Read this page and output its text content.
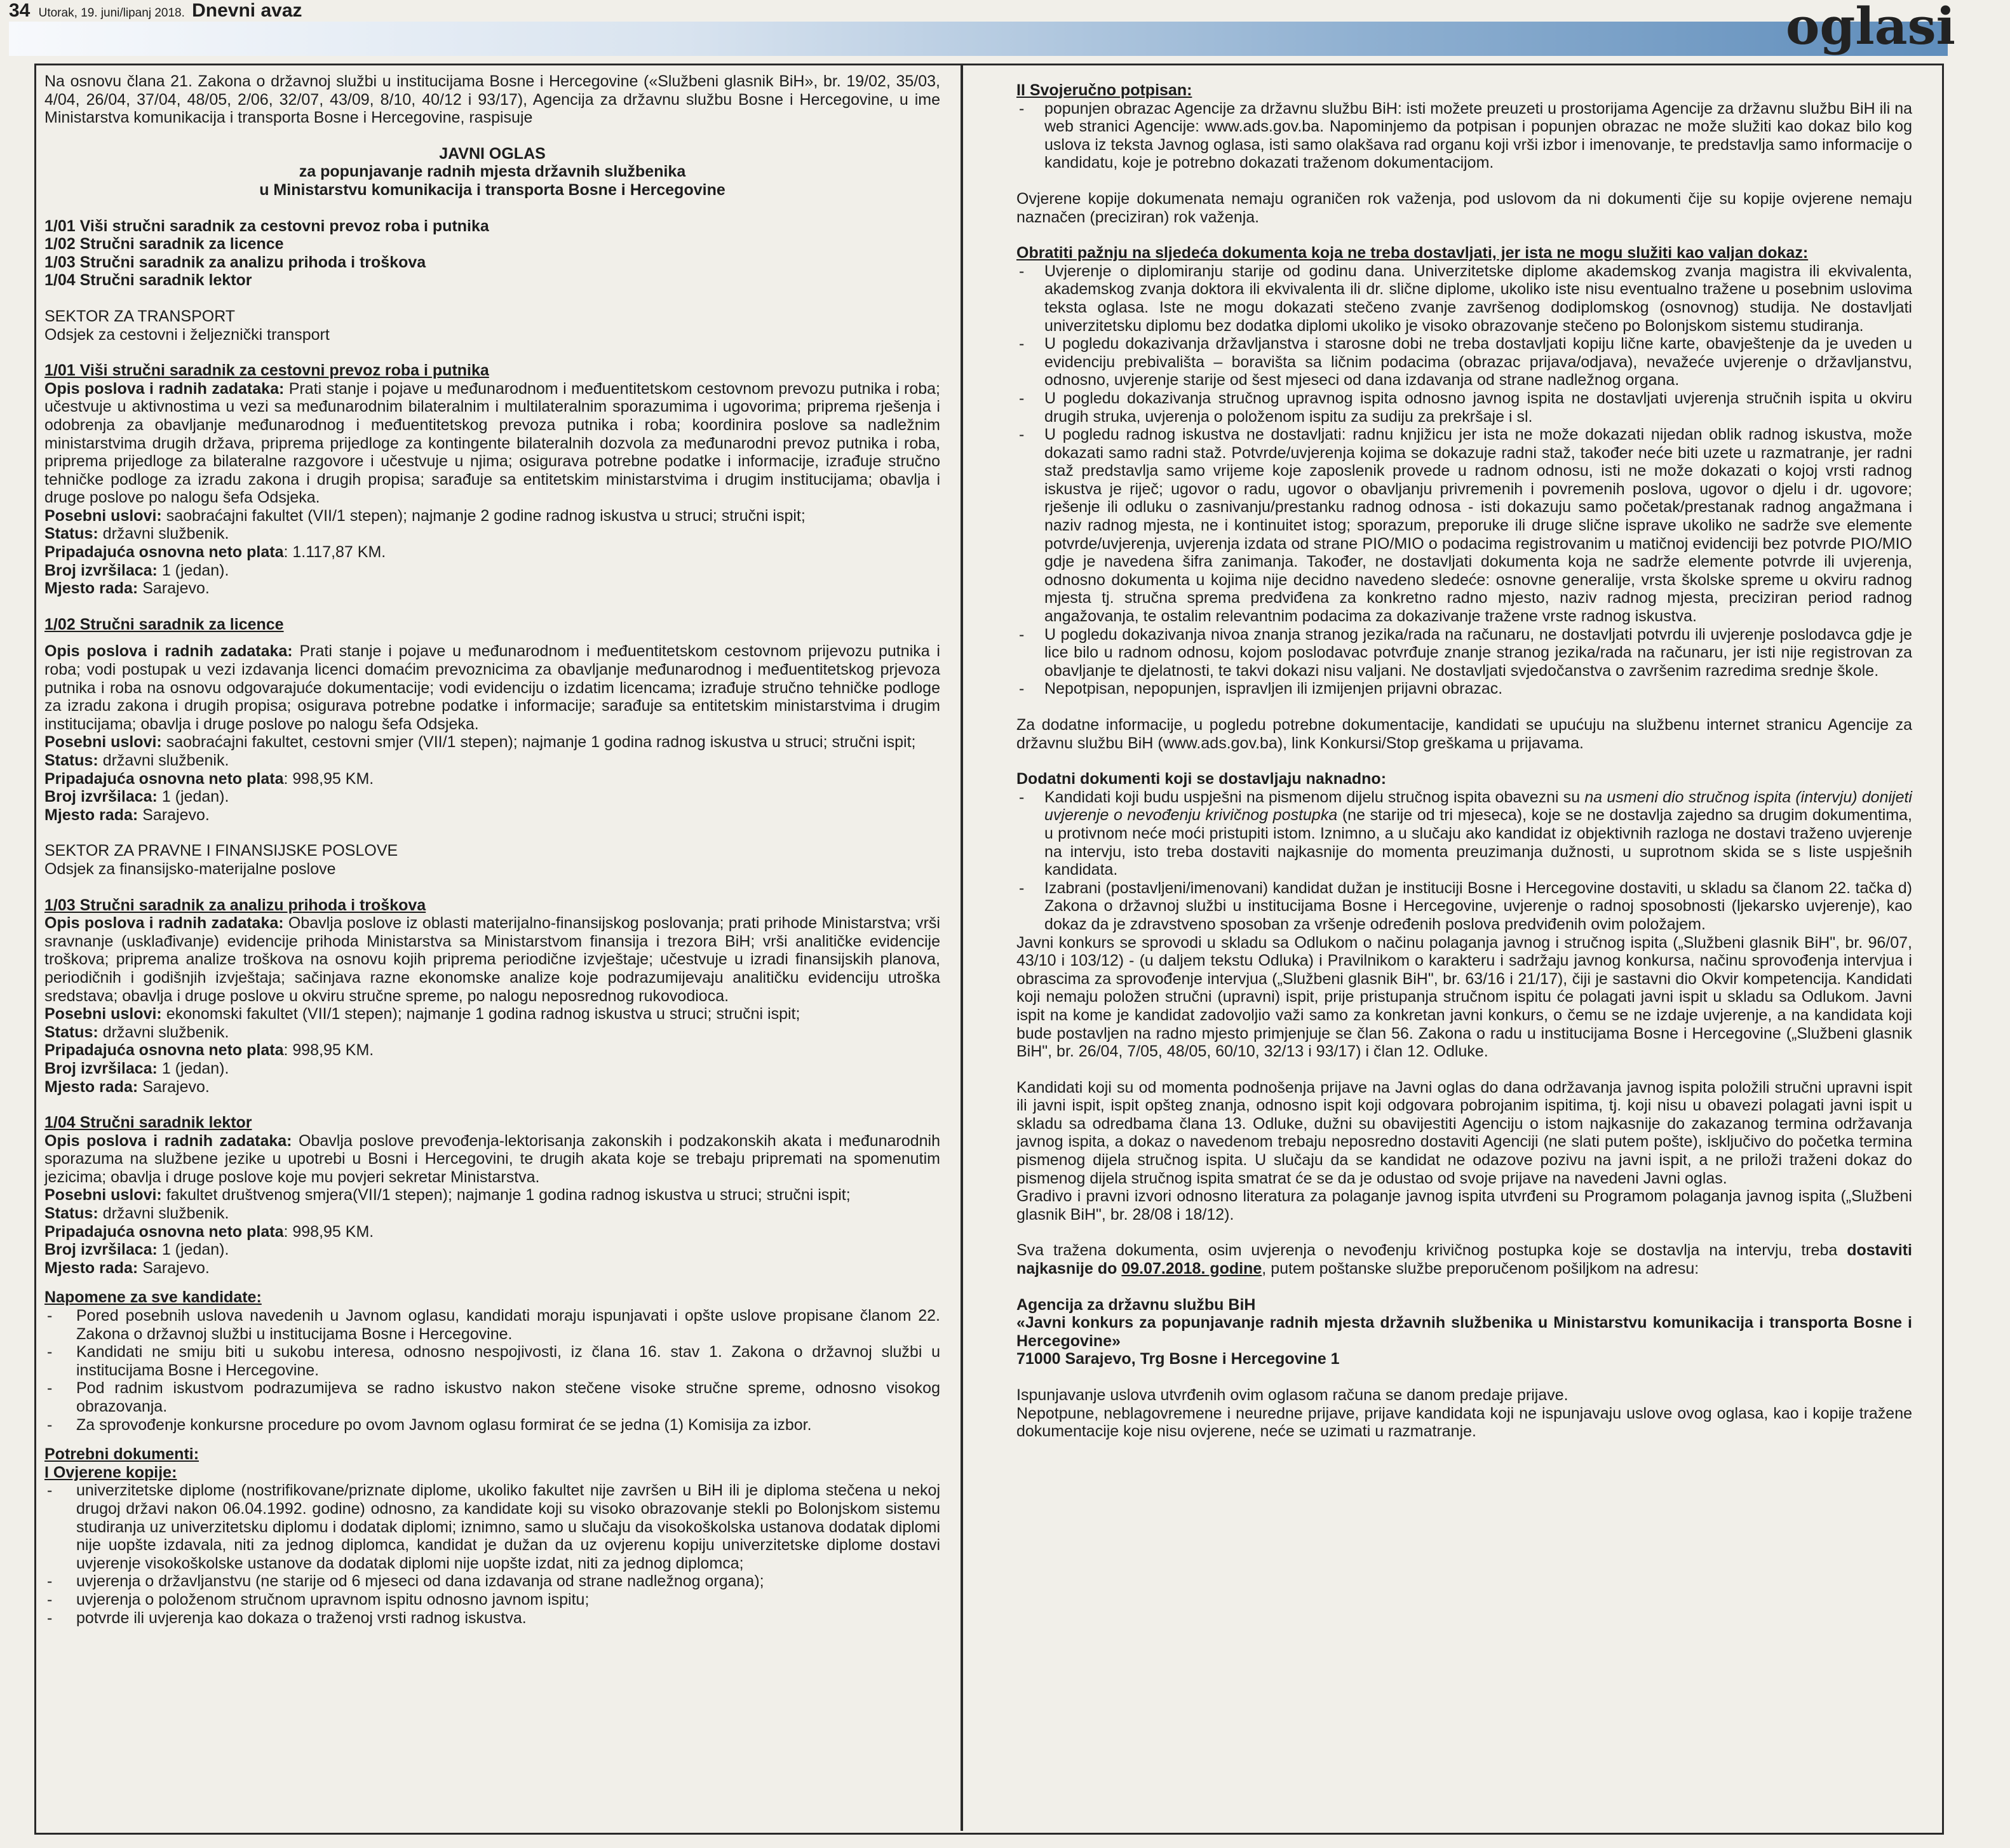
34 Utorak, 19. juni/lipanj 2018. Dnevni avaz	oglasi

Na osnovu člana 21. Zakona o državnoj službi u institucijama Bosne i Hercegovine («Službeni glasnik BiH», br. 19/02, 35/03, 4/04, 26/04, 37/04, 48/05, 2/06, 32/07, 43/09, 8/10, 40/12 i 93/17), Agencija za državnu službu Bosne i Hercegovine, u ime Ministarstva komunikacija i transporta Bosne i Hercegovine, raspisuje

JAVNI OGLAS

za popunjavanje radnih mjesta državnih službenika

u Ministarstvu komunikacija i transporta Bosne i Hercegovine

1/01 Viši stručni saradnik za cestovni prevoz roba i putnika

1/02 Stručni saradnik za licence

1/03 Stručni saradnik za analizu prihoda i troškova

1/04 Stručni saradnik lektor

SEKTOR ZA TRANSPORT

Odsjek za cestovni i željeznički transport

1/01 Viši stručni saradnik za cestovni prevoz roba i putnika

Opis poslova i radnih zadataka: Prati stanje i pojave u međunarodnom i međuentitetskom cestovnom prevozu putnika i roba; učestvuje u aktivnostima u vezi sa međunarodnim bilateralnim i multilateralnim sporazumima i ugovorima; priprema rješenja i odobrenja za obavljanje međunarodnog i međuentitetskog prevoza putnika i roba; koordinira poslove sa nadležnim ministarstvima drugih država, priprema prijedloge za kontingente bilateralnih dozvola za međunarodni prevoz putnika i roba, priprema prijedloge za bilateralne razgovore i učestvuje u njima; osigurava potrebne podatke i informacije, izrađuje stručno tehničke podloge za izradu zakona i drugih propisa; sarađuje sa entitetskim ministarstvima i drugim institucijama; obavlja i druge poslove po nalogu šefa Odsjeka.

Posebni uslovi: saobraćajni fakultet (VII/1 stepen); najmanje 2 godine radnog iskustva u struci; stručni ispit;

Status: državni službenik.

Pripadajuća osnovna neto plata: 1.117,87 KM.

Broj izvršilaca: 1 (jedan).

Mjesto rada: Sarajevo.

1/02 Stručni saradnik za licence

Opis poslova i radnih zadataka: Prati stanje i pojave u međunarodnom i međuentitetskom cestovnom prijevozu putnika i roba; vodi postupak u vezi izdavanja licenci domaćim prevoznicima za obavljanje međunarodnog i međuentitetskog prjevoza putnika i roba na osnovu odgovarajuće dokumentacije; vodi evidenciju o izdatim licencama; izrađuje stručno tehničke podloge za izradu zakona i drugih propisa; osigurava potrebne podatke i informacije; sarađuje sa entitetskim ministarstvima i drugim institucijama; obavlja i druge poslove po nalogu šefa Odsjeka.

Posebni uslovi: saobraćajni fakultet, cestovni smjer (VII/1 stepen); najmanje 1 godina radnog iskustva u struci; stručni ispit;

Status: državni službenik.

Pripadajuća osnovna neto plata: 998,95 KM.

Broj izvršilaca: 1 (jedan).

Mjesto rada: Sarajevo.

SEKTOR ZA PRAVNE I FINANSIJSKE POSLOVE

Odsjek za finansijsko-materijalne poslove

1/03 Stručni saradnik za analizu prihoda i troškova

Opis poslova i radnih zadataka: Obavlja poslove iz oblasti materijalno-finansijskog poslovanja; prati prihode Ministarstva; vrši sravnanje (usklađivanje) evidencije prihoda Ministarstva sa Ministarstvom finansija i trezora BiH; vrši analitičke evidencije troškova; priprema analize troškova na osnovu kojih priprema periodične izvještaje; učestvuje u izradi finansijskih planova, periodičnih i godišnjih izvještaja; sačinjava razne ekonomske analize koje podrazumijevaju analitičku evidenciju utroška sredstava; obavlja i druge poslove u okviru stručne spreme, po nalogu neposrednog rukovodioca.

Posebni uslovi: ekonomski fakultet (VII/1 stepen); najmanje 1 godina radnog iskustva u struci; stručni ispit;

Status: državni službenik.

Pripadajuća osnovna neto plata: 998,95 KM.

Broj izvršilaca: 1 (jedan).

Mjesto rada: Sarajevo.

1/04 Stručni saradnik lektor

Opis poslova i radnih zadataka: Obavlja poslove prevođenja-lektorisanja zakonskih i podzakonskih akata i međunarodnih sporazuma na službene jezike u upotrebi u Bosni i Hercegovini, te drugih akata koje se trebaju pripremati na spomenutim jezicima; obavlja i druge poslove koje mu povjeri sekretar Ministarstva.

Posebni uslovi: fakultet društvenog smjera(VII/1 stepen); najmanje 1 godina radnog iskustva u struci; stručni ispit;

Status: državni službenik.

Pripadajuća osnovna neto plata: 998,95 KM.

Broj izvršilaca: 1 (jedan).

Mjesto rada: Sarajevo.

Napomene za sve kandidate:

- Pored posebnih uslova navedenih u Javnom oglasu, kandidati moraju ispunjavati i opšte uslove propisane članom 22. Zakona o državnoj službi u institucijama Bosne i Hercegovine.
- Kandidati ne smiju biti u sukobu interesa, odnosno nespojivosti, iz člana 16. stav 1. Zakona o državnoj službi u institucijama Bosne i Hercegovine.
- Pod radnim iskustvom podrazumijeva se radno iskustvo nakon stečene visoke stručne spreme, odnosno visokog obrazovanja.
- Za sprovođenje konkursne procedure po ovom Javnom oglasu formirat će se jedna (1) Komisija za izbor.

Potrebni dokumenti:

I Ovjerene kopije:

- univerzitetske diplome (nostrifikovane/priznate diplome, ukoliko fakultet nije završen u BiH ili je diploma stečena u nekoj drugoj državi nakon 06.04.1992. godine) odnosno, za kandidate koji su visoko obrazovanje stekli po Bolonjskom sistemu studiranja uz univerzitetsku diplomu i dodatak diplomi; iznimno, samo u slučaju da visokoškolska ustanova dodatak diplomi nije uopšte izdavala, niti za jednog diplomca, kandidat je dužan da uz ovjerenu kopiju univerzitetske diplome dostavi uvjerenje visokoškolske ustanove da dodatak diplomi nije uopšte izdat, niti za jednog diplomca;
- uvjerenja o državljanstvu (ne starije od 6 mjeseci od dana izdavanja od strane nadležnog organa);
- uvjerenja o položenom stručnom upravnom ispitu odnosno javnom ispitu;
- potvrde ili uvjerenja kao dokaza o traženoj vrsti radnog iskustva.

II Svojeručno potpisan:

- popunjen obrazac Agencije za državnu službu BiH: isti možete preuzeti u prostorijama Agencije za državnu službu BiH ili na web stranici Agencije: www.ads.gov.ba. Napominjemo da potpisan i popunjen obrazac ne može služiti kao dokaz bilo kog uslova iz teksta Javnog oglasa, isti samo olakšava rad organu koji vrši izbor i imenovanje, te predstavlja samo informacije o kandidatu, koje je potrebno dokazati traženom dokumentacijom.

Ovjerene kopije dokumenata nemaju ograničen rok važenja, pod uslovom da ni dokumenti čije su kopije ovjerene nemaju naznačen (preciziran) rok važenja.

Obratiti pažnju na sljedeća dokumenta koja ne treba dostavljati, jer ista ne mogu služiti kao valjan dokaz:

- Uvjerenje o diplomiranju starije od godinu dana. Univerzitetske diplome akademskog zvanja magistra ili ekvivalenta, akademskog zvanja doktora ili ekvivalenta ili dr. slične diplome, ukoliko iste nisu eventualno tražene u posebnim uslovima teksta oglasa. Iste ne mogu dokazati stečeno zvanje završenog dodiplomskog (osnovnog) studija. Ne dostavljati univerzitetsku diplomu bez dodatka diplomi ukoliko je visoko obrazovanje stečeno po Bolonjskom sistemu studiranja.
- U pogledu dokazivanja državljanstva i starosne dobi ne treba dostavljati kopiju lične karte, obavještenje da je uveden u evidenciju prebivališta – boravišta sa ličnim podacima (obrazac prijava/odjava), nevažeće uvjerenje o državljanstvu, odnosno, uvjerenje starije od šest mjeseci od dana izdavanja od strane nadležnog organa.
- U pogledu dokazivanja stručnog upravnog ispita odnosno javnog ispita ne dostavljati uvjerenja stručnih ispita u okviru drugih struka, uvjerenja o položenom ispitu za sudiju za prekršaje i sl.
- U pogledu radnog iskustva ne dostavljati: radnu knjižicu jer ista ne može dokazati nijedan oblik radnog iskustva, može dokazati samo radni staž. Potvrde/uvjerenja kojima se dokazuje radni staž, također neće biti uzete u razmatranje, jer radni staž predstavlja samo vrijeme koje zaposlenik provede u radnom odnosu, isti ne može dokazati o kojoj vrsti radnog iskustva je riječ; ugovor o radu, ugovor o obavljanju privremenih i povremenih poslova, ugovor o djelu i dr. ugovore; rješenje ili odluku o zasnivanju/prestanku radnog odnosa - isti dokazuju samo početak/prestanak radnog angažmana i naziv radnog mjesta, ne i kontinuitet istog; sporazum, preporuke ili druge slične isprave ukoliko ne sadrže sve elemente potvrde/uvjerenja, uvjerenja izdata od strane PIO/MIO o podacima registrovanim u matičnoj evidenciji bez potvrde PIO/MIO gdje je navedena šifra zanimanja. Također, ne dostavljati dokumenta koja ne sadrže elemente potvrde ili uvjerenja, odnosno dokumenta u kojima nije decidno navedeno sledeće: osnovne generalije, vrsta školske spreme u okviru radnog mjesta tj. stručna sprema predviđena za konkretno radno mjesto, naziv radnog mjesta, preciziran period radnog angažovanja, te ostalim relevantnim podacima za dokazivanje tražene vrste radnog iskustva.
- U pogledu dokazivanja nivoa znanja stranog jezika/rada na računaru, ne dostavljati potvrdu ili uvjerenje poslodavca gdje je lice bilo u radnom odnosu, kojom poslodavac potvrđuje znanje stranog jezika/rada na računaru, jer isti nije registrovan za obavljanje te djelatnosti, te takvi dokazi nisu valjani. Ne dostavljati svjedočanstva o završenim razredima srednje škole.
- Nepotpisan, nepopunjen, ispravljen ili izmijenjen prijavni obrazac.

Za dodatne informacije, u pogledu potrebne dokumentacije, kandidati se upućuju na službenu internet stranicu Agencije za državnu službu BiH (www.ads.gov.ba), link Konkursi/Stop greškama u prijavama.

Dodatni dokumenti koji se dostavljaju naknadno:

- Kandidati koji budu uspješni na pismenom dijelu stručnog ispita obavezni su na usmeni dio stručnog ispita (intervju) donijeti uvjerenje o nevođenju krivičnog postupka (ne starije od tri mjeseca), koje se ne dostavlja zajedno sa drugim dokumentima, u protivnom neće moći pristupiti istom. Iznimno, a u slučaju ako kandidat iz objektivnih razloga ne dostavi traženo uvjerenje na intervju, isto treba dostaviti najkasnije do momenta preuzimanja dužnosti, u suprotnom skida se s liste uspješnih kandidata.
- Izabrani (postavljeni/imenovani) kandidat dužan je instituciji Bosne i Hercegovine dostaviti, u skladu sa članom 22. tačka d) Zakona o državnoj službi u institucijama Bosne i Hercegovine, uvjerenje o radnoj sposobnosti (ljekarsko uvjerenje), kao dokaz da je zdravstveno sposoban za vršenje određenih poslova predviđenih ovim položajem.

Javni konkurs se sprovodi u skladu sa Odlukom o načinu polaganja javnog i stručnog ispita („Službeni glasnik BiH", br. 96/07, 43/10 i 103/12) - (u daljem tekstu Odluka) i Pravilnikom o karakteru i sadržaju javnog konkursa, načinu sprovođenja intervjua i obrascima za sprovođenje intervjua („Službeni glasnik BiH", br. 63/16 i 21/17), čiji je sastavni dio Okvir kompetencija. Kandidati koji nemaju položen stručni (upravni) ispit, prije pristupanja stručnom ispitu će polagati javni ispit u skladu sa Odlukom. Javni ispit na kome je kandidat zadovoljio važi samo za konkretan javni konkurs, o čemu se ne izdaje uvjerenje, a na kandidata koji bude postavljen na radno mjesto primjenjuje se član 56. Zakona o radu u institucijama Bosne i Hercegovine („Službeni glasnik BiH", br. 26/04, 7/05, 48/05, 60/10, 32/13 i 93/17) i član 12. Odluke.

Kandidati koji su od momenta podnošenja prijave na Javni oglas do dana održavanja javnog ispita položili stručni upravni ispit ili javni ispit, ispit opšteg znanja, odnosno ispit koji odgovara pobrojanim ispitima, tj. koji nisu u obavezi polagati javni ispit u skladu sa odredbama člana 13. Odluke, dužni su obavijestiti Agenciju o istom najkasnije do zakazanog termina održavanja javnog ispita, a dokaz o navedenom trebaju neposredno dostaviti Agenciji (ne slati putem pošte), isključivo do početka termina pismenog dijela stručnog ispita. U slučaju da se kandidat ne odazove pozivu na javni ispit, a ne priloži traženi dokaz do pismenog dijela stručnog ispita smatrat će se da je odustao od svoje prijave na navedeni Javni oglas.

Gradivo i pravni izvori odnosno literatura za polaganje javnog ispita utvrđeni su Programom polaganja javnog ispita („Službeni glasnik BiH", br. 28/08 i 18/12).

Sva tražena dokumenta, osim uvjerenja o nevođenju krivičnog postupka koje se dostavlja na intervju, treba dostaviti najkasnije do 09.07.2018. godine, putem poštanske službe preporučenom pošiljkom na adresu:

Agencija za državnu službu BiH

«Javni konkurs za popunjavanje radnih mjesta državnih službenika u Ministarstvu komunikacija i transporta Bosne i Hercegovine»

71000 Sarajevo, Trg Bosne i Hercegovine 1

Ispunjavanje uslova utvrđenih ovim oglasom računa se danom predaje prijave.

Nepotpune, neblagovremene i neuredne prijave, prijave kandidata koji ne ispunjavaju uslove ovog oglasa, kao i kopije tražene dokumentacije koje nisu ovjerene, neće se uzimati u razmatranje.
